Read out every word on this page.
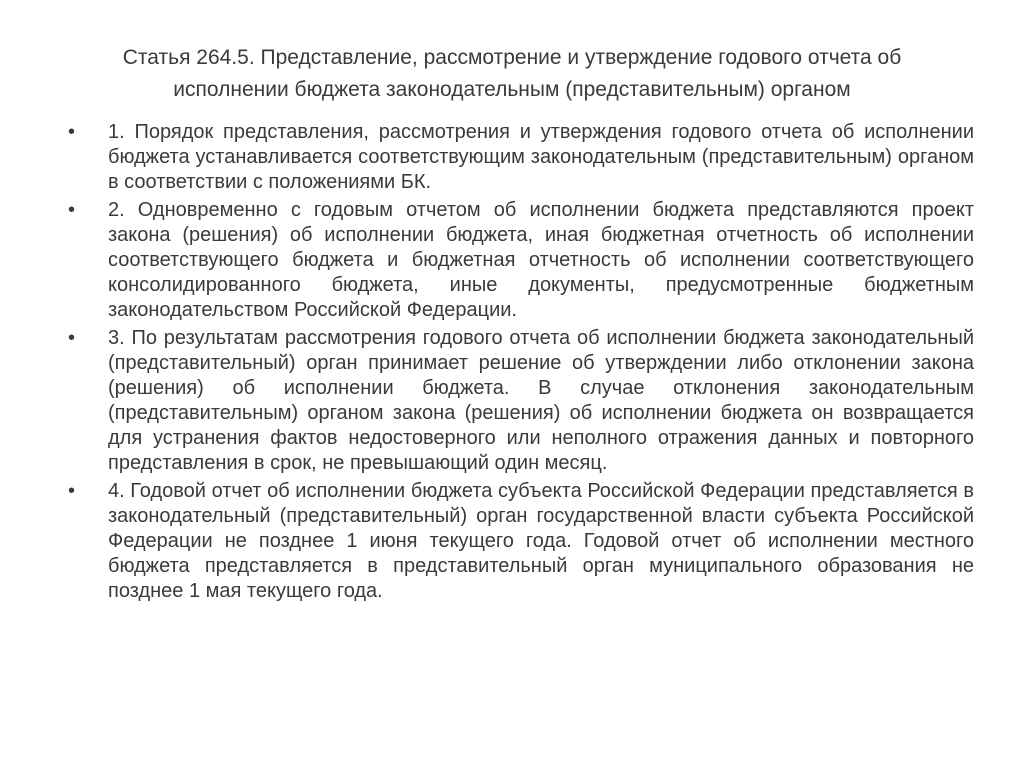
Статья 264.5. Представление, рассмотрение и утверждение годового отчета об исполнении бюджета законодательным (представительным) органом
• 1. Порядок представления, рассмотрения и утверждения годового отчета об исполнении бюджета устанавливается соответствующим законодательным (представительным) органом в соответствии с положениями БК.
• 2. Одновременно с годовым отчетом об исполнении бюджета представляются проект закона (решения) об исполнении бюджета, иная бюджетная отчетность об исполнении соответствующего бюджета и бюджетная отчетность об исполнении соответствующего консолидированного бюджета, иные документы, предусмотренные бюджетным законодательством Российской Федерации.
• 3. По результатам рассмотрения годового отчета об исполнении бюджета законодательный (представительный) орган принимает решение об утверждении либо отклонении закона (решения) об исполнении бюджета. В случае отклонения законодательным (представительным) органом закона (решения) об исполнении бюджета он возвращается для устранения фактов недостоверного или неполного отражения данных и повторного представления в срок, не превышающий один месяц.
• 4. Годовой отчет об исполнении бюджета субъекта Российской Федерации представляется в законодательный (представительный) орган государственной власти субъекта Российской Федерации не позднее 1 июня текущего года. Годовой отчет об исполнении местного бюджета представляется в представительный орган муниципального образования не позднее 1 мая текущего года.
